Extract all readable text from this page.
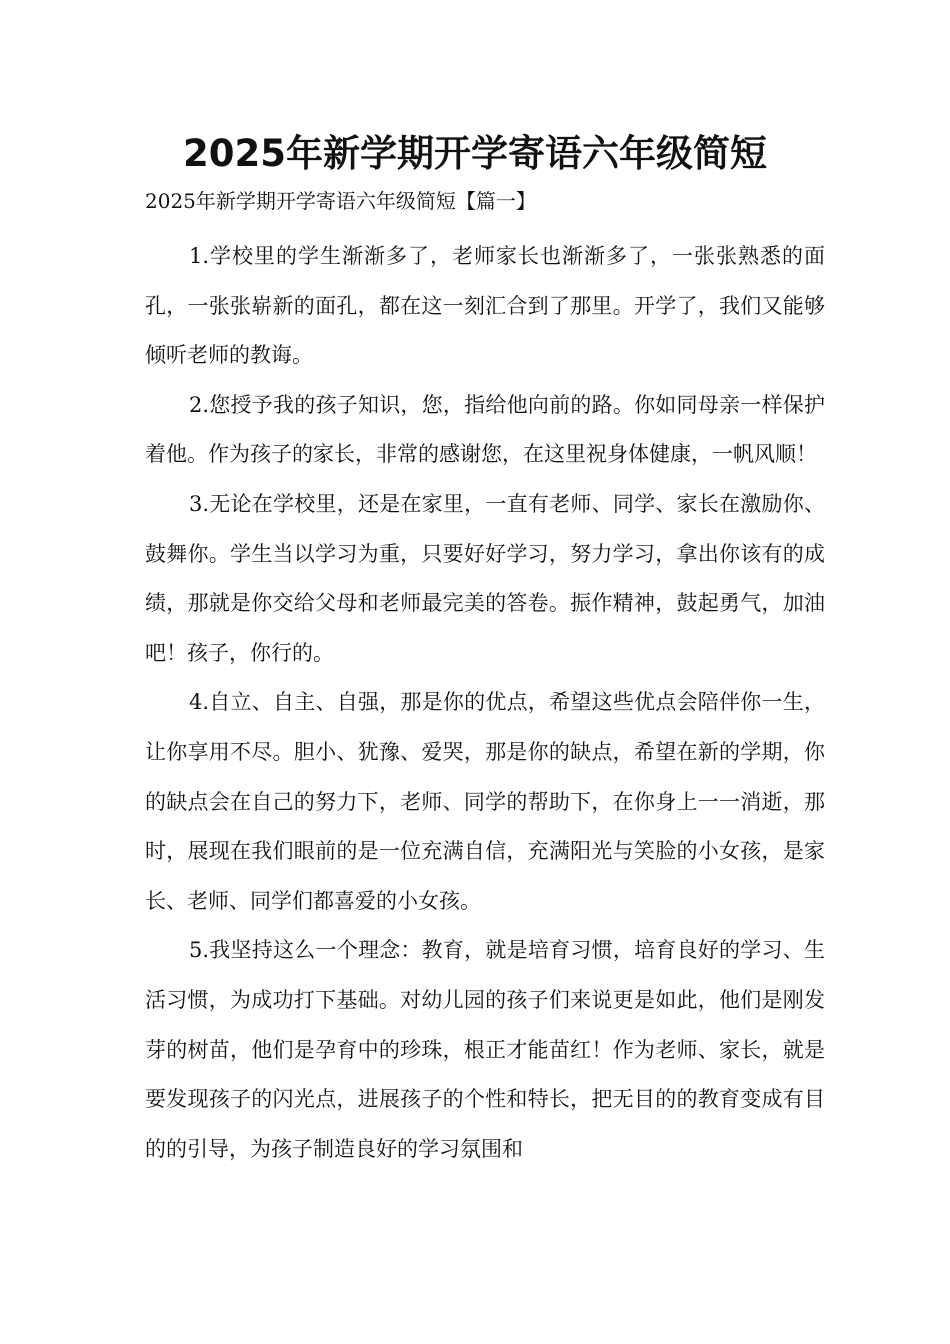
2025年新学期开学寄语六年级简短
2025年新学期开学寄语六年级简短【篇一】

1.学校里的学生渐渐多了，老师家长也渐渐多了，一张张熟悉的面孔，一张张崭新的面孔，都在这一刻汇合到了那里。开学了，我们又能够倾听老师的教诲。

2.您授予我的孩子知识，您，指给他向前的路。你如同母亲一样保护着他。作为孩子的家长，非常的感谢您，在这里祝身体健康，一帆风顺！

3.无论在学校里，还是在家里，一直有老师、同学、家长在激励你、鼓舞你。学生当以学习为重，只要好好学习，努力学习，拿出你该有的成绩，那就是你交给父母和老师最完美的答卷。振作精神，鼓起勇气，加油吧！孩子，你行的。

4.自立、自主、自强，那是你的优点，希望这些优点会陪伴你一生，让你享用不尽。胆小、犹豫、爱哭，那是你的缺点，希望在新的学期，你的缺点会在自己的努力下，老师、同学的帮助下，在你身上一一消逝，那时，展现在我们眼前的是一位充满自信，充满阳光与笑脸的小女孩，是家长、老师、同学们都喜爱的小女孩。

5.我坚持这么一个理念：教育，就是培育习惯，培育良好的学习、生活习惯，为成功打下基础。对幼儿园的孩子们来说更是如此，他们是刚发芽的树苗，他们是孕育中的珍珠，根正才能苗红！作为老师、家长，就是要发现孩子的闪光点，进展孩子的个性和特长，把无目的的教育变成有目的的引导，为孩子制造良好的学习氛围和
